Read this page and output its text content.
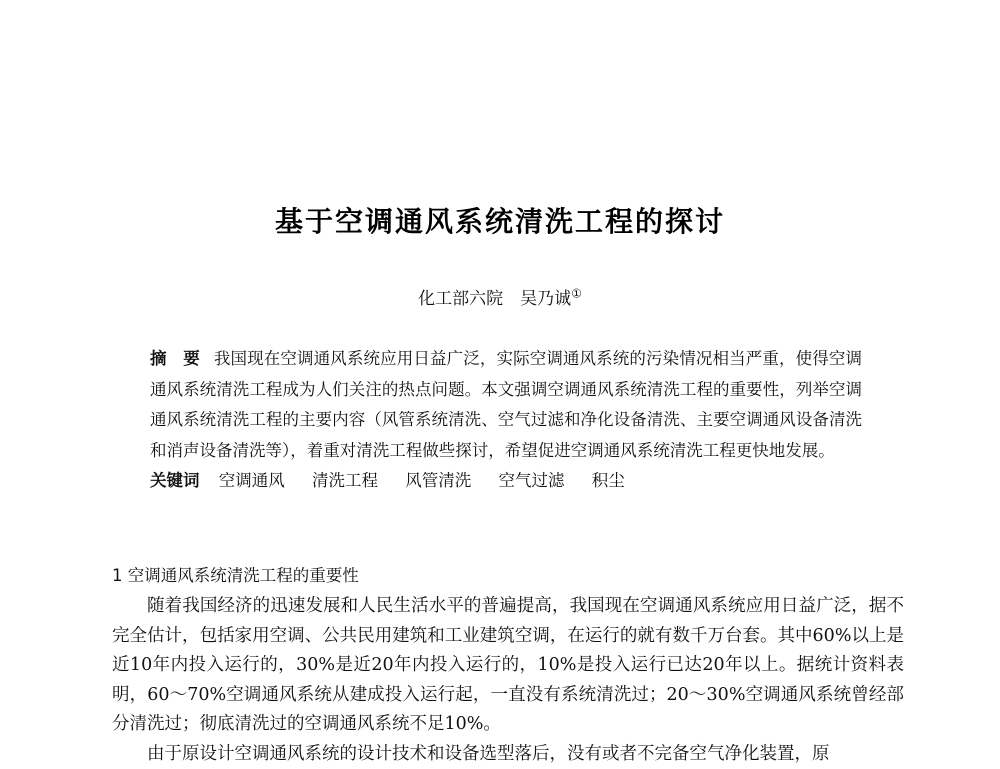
基于空调通风系统清洗工程的探讨
化工部六院　吴乃诚①

摘　要 我国现在空调通风系统应用日益广泛，实际空调通风系统的污染情况相当严重，使得空调通风系统清洗工程成为人们关注的热点问题。本文强调空调通风系统清洗工程的重要性，列举空调通风系统清洗工程的主要内容（风管系统清洗、空气过滤和净化设备清洗、主要空调通风设备清洗和消声设备清洗等），着重对清洗工程做些探讨，希望促进空调通风系统清洗工程更快地发展。

关键词 空调通风 清洗工程 风管清洗 空气过滤 积尘

1 空调通风系统清洗工程的重要性

随着我国经济的迅速发展和人民生活水平的普遍提高，我国现在空调通风系统应用日益广泛，据不完全估计，包括家用空调、公共民用建筑和工业建筑空调，在运行的就有数千万台套。其中60%以上是近10年内投入运行的，30%是近20年内投入运行的，10%是投入运行已达20年以上。据统计资料表明，60～70%空调通风系统从建成投入运行起，一直没有系统清洗过；20～30%空调通风系统曾经部分清洗过；彻底清洗过的空调通风系统不足10%。

由于原设计空调通风系统的设计技术和设备选型落后，没有或者不完备空气净化装置，原
